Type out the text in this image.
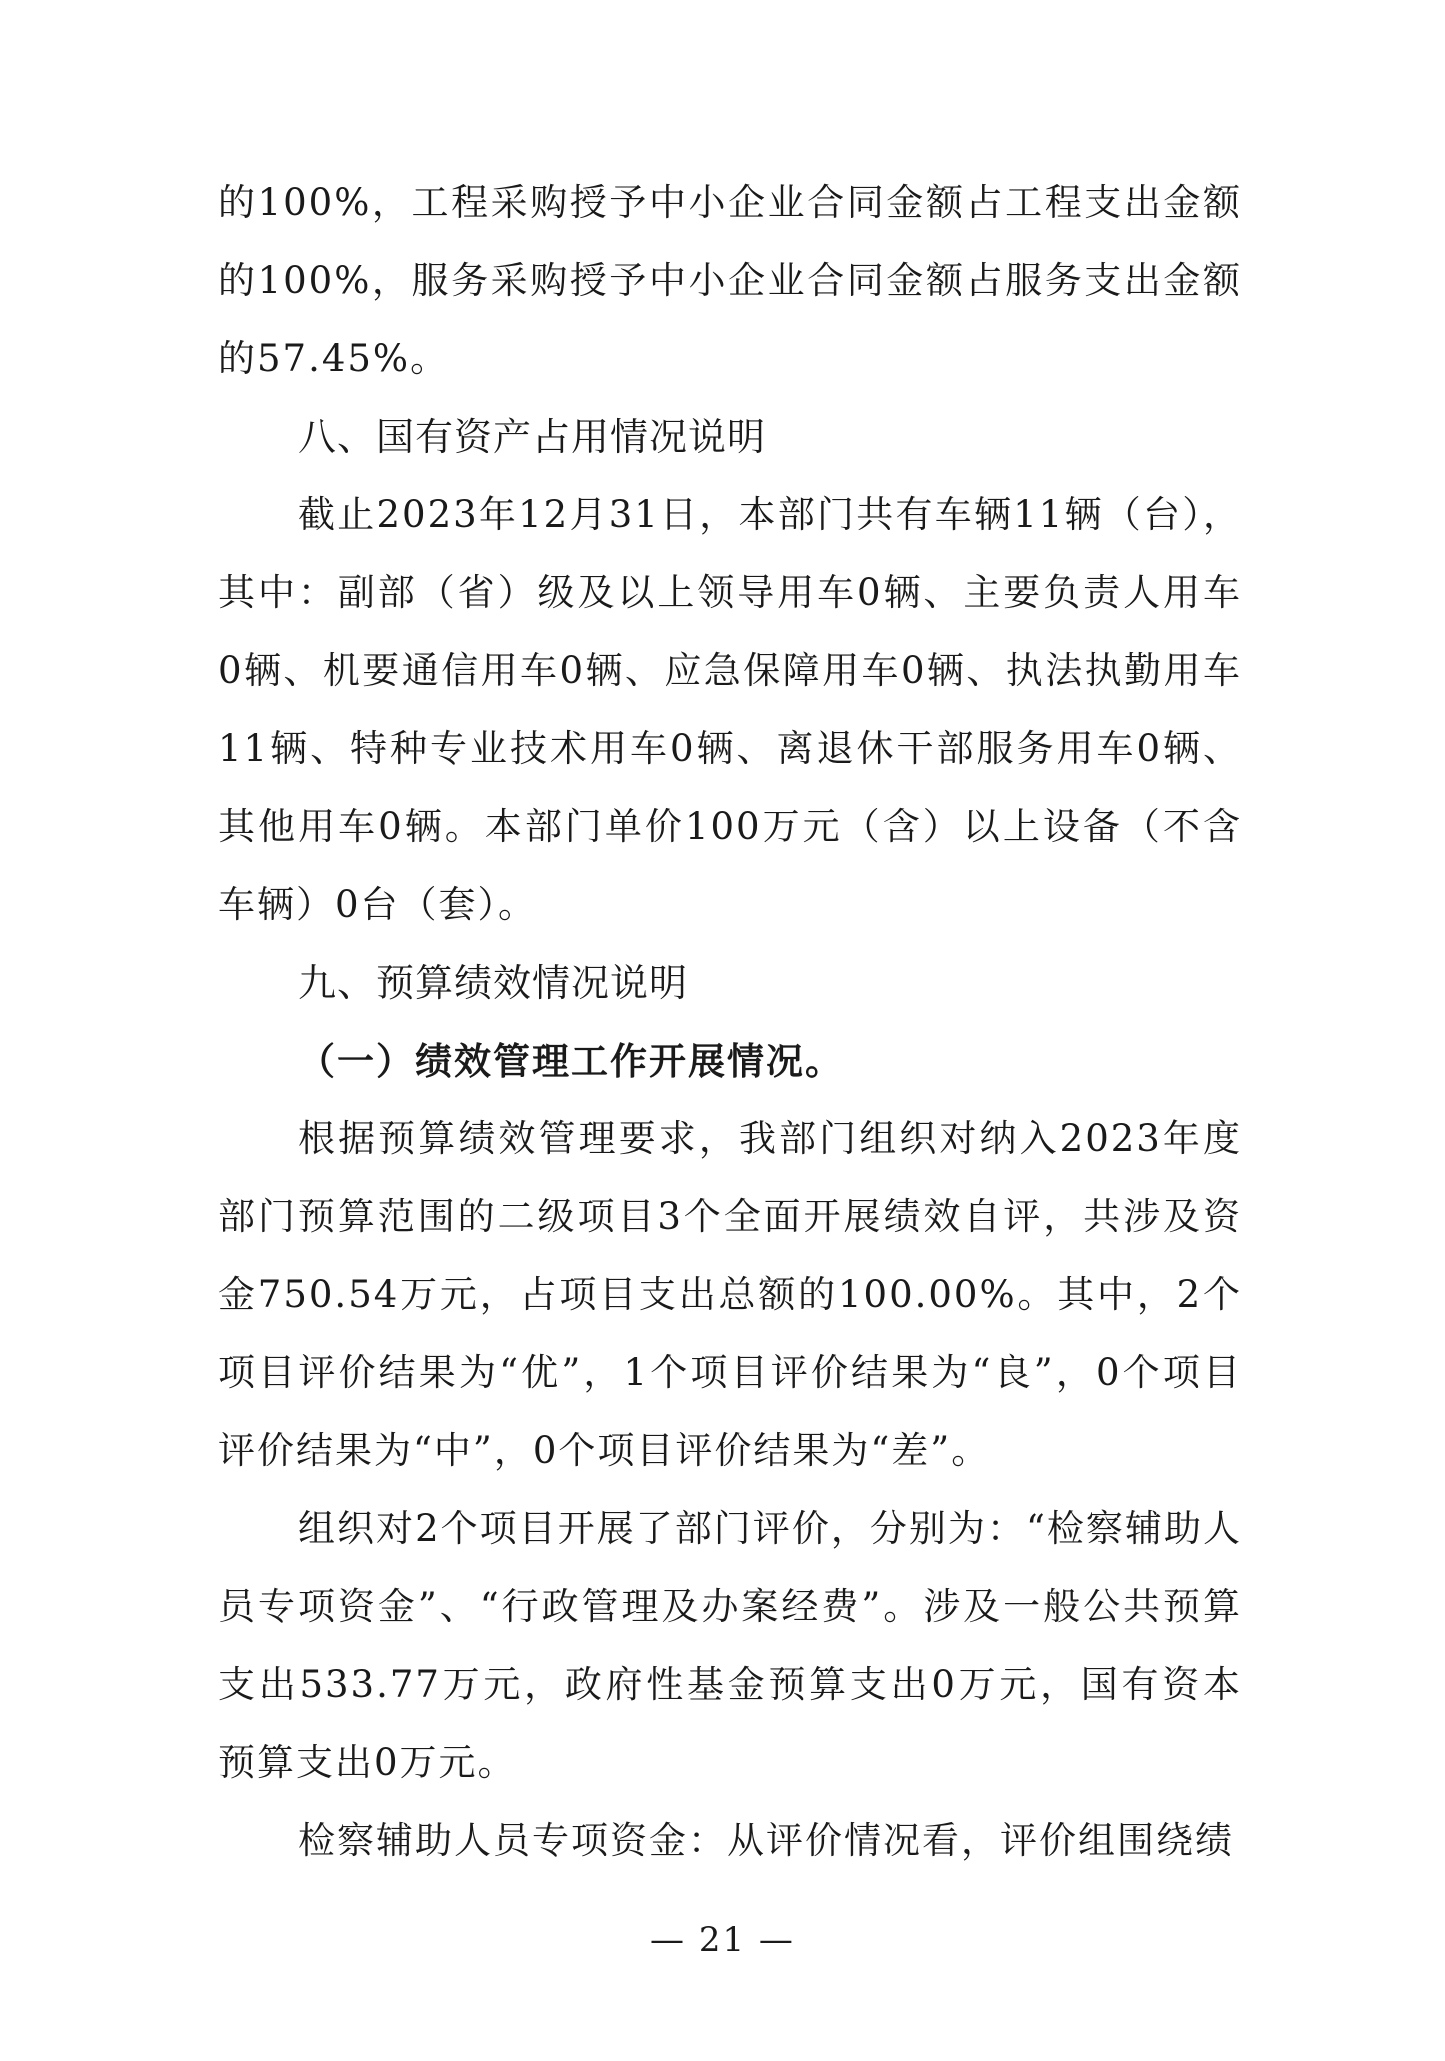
的100%，工程采购授予中小企业合同金额占工程支出金额的100%，服务采购授予中小企业合同金额占服务支出金额的57.45%。

八、国有资产占用情况说明

截止2023年12月31日，本部门共有车辆11辆（台），其中：副部（省）级及以上领导用车0辆、主要负责人用车0辆、机要通信用车0辆、应急保障用车0辆、执法执勤用车11辆、特种专业技术用车0辆、离退休干部服务用车0辆、其他用车0辆。本部门单价100万元（含）以上设备（不含车辆）0台（套）。

九、预算绩效情况说明

（一）绩效管理工作开展情况。

根据预算绩效管理要求，我部门组织对纳入2023年度部门预算范围的二级项目3个全面开展绩效自评，共涉及资金750.54万元，占项目支出总额的100.00%。其中，2个项目评价结果为“优”，1个项目评价结果为“良”，0个项目评价结果为“中”，0个项目评价结果为“差”。

组织对2个项目开展了部门评价，分别为：“检察辅助人员专项资金”、“行政管理及办案经费”。涉及一般公共预算支出533.77万元，政府性基金预算支出0万元，国有资本预算支出0万元。

检察辅助人员专项资金：从评价情况看，评价组围绕绩

— 21 —
